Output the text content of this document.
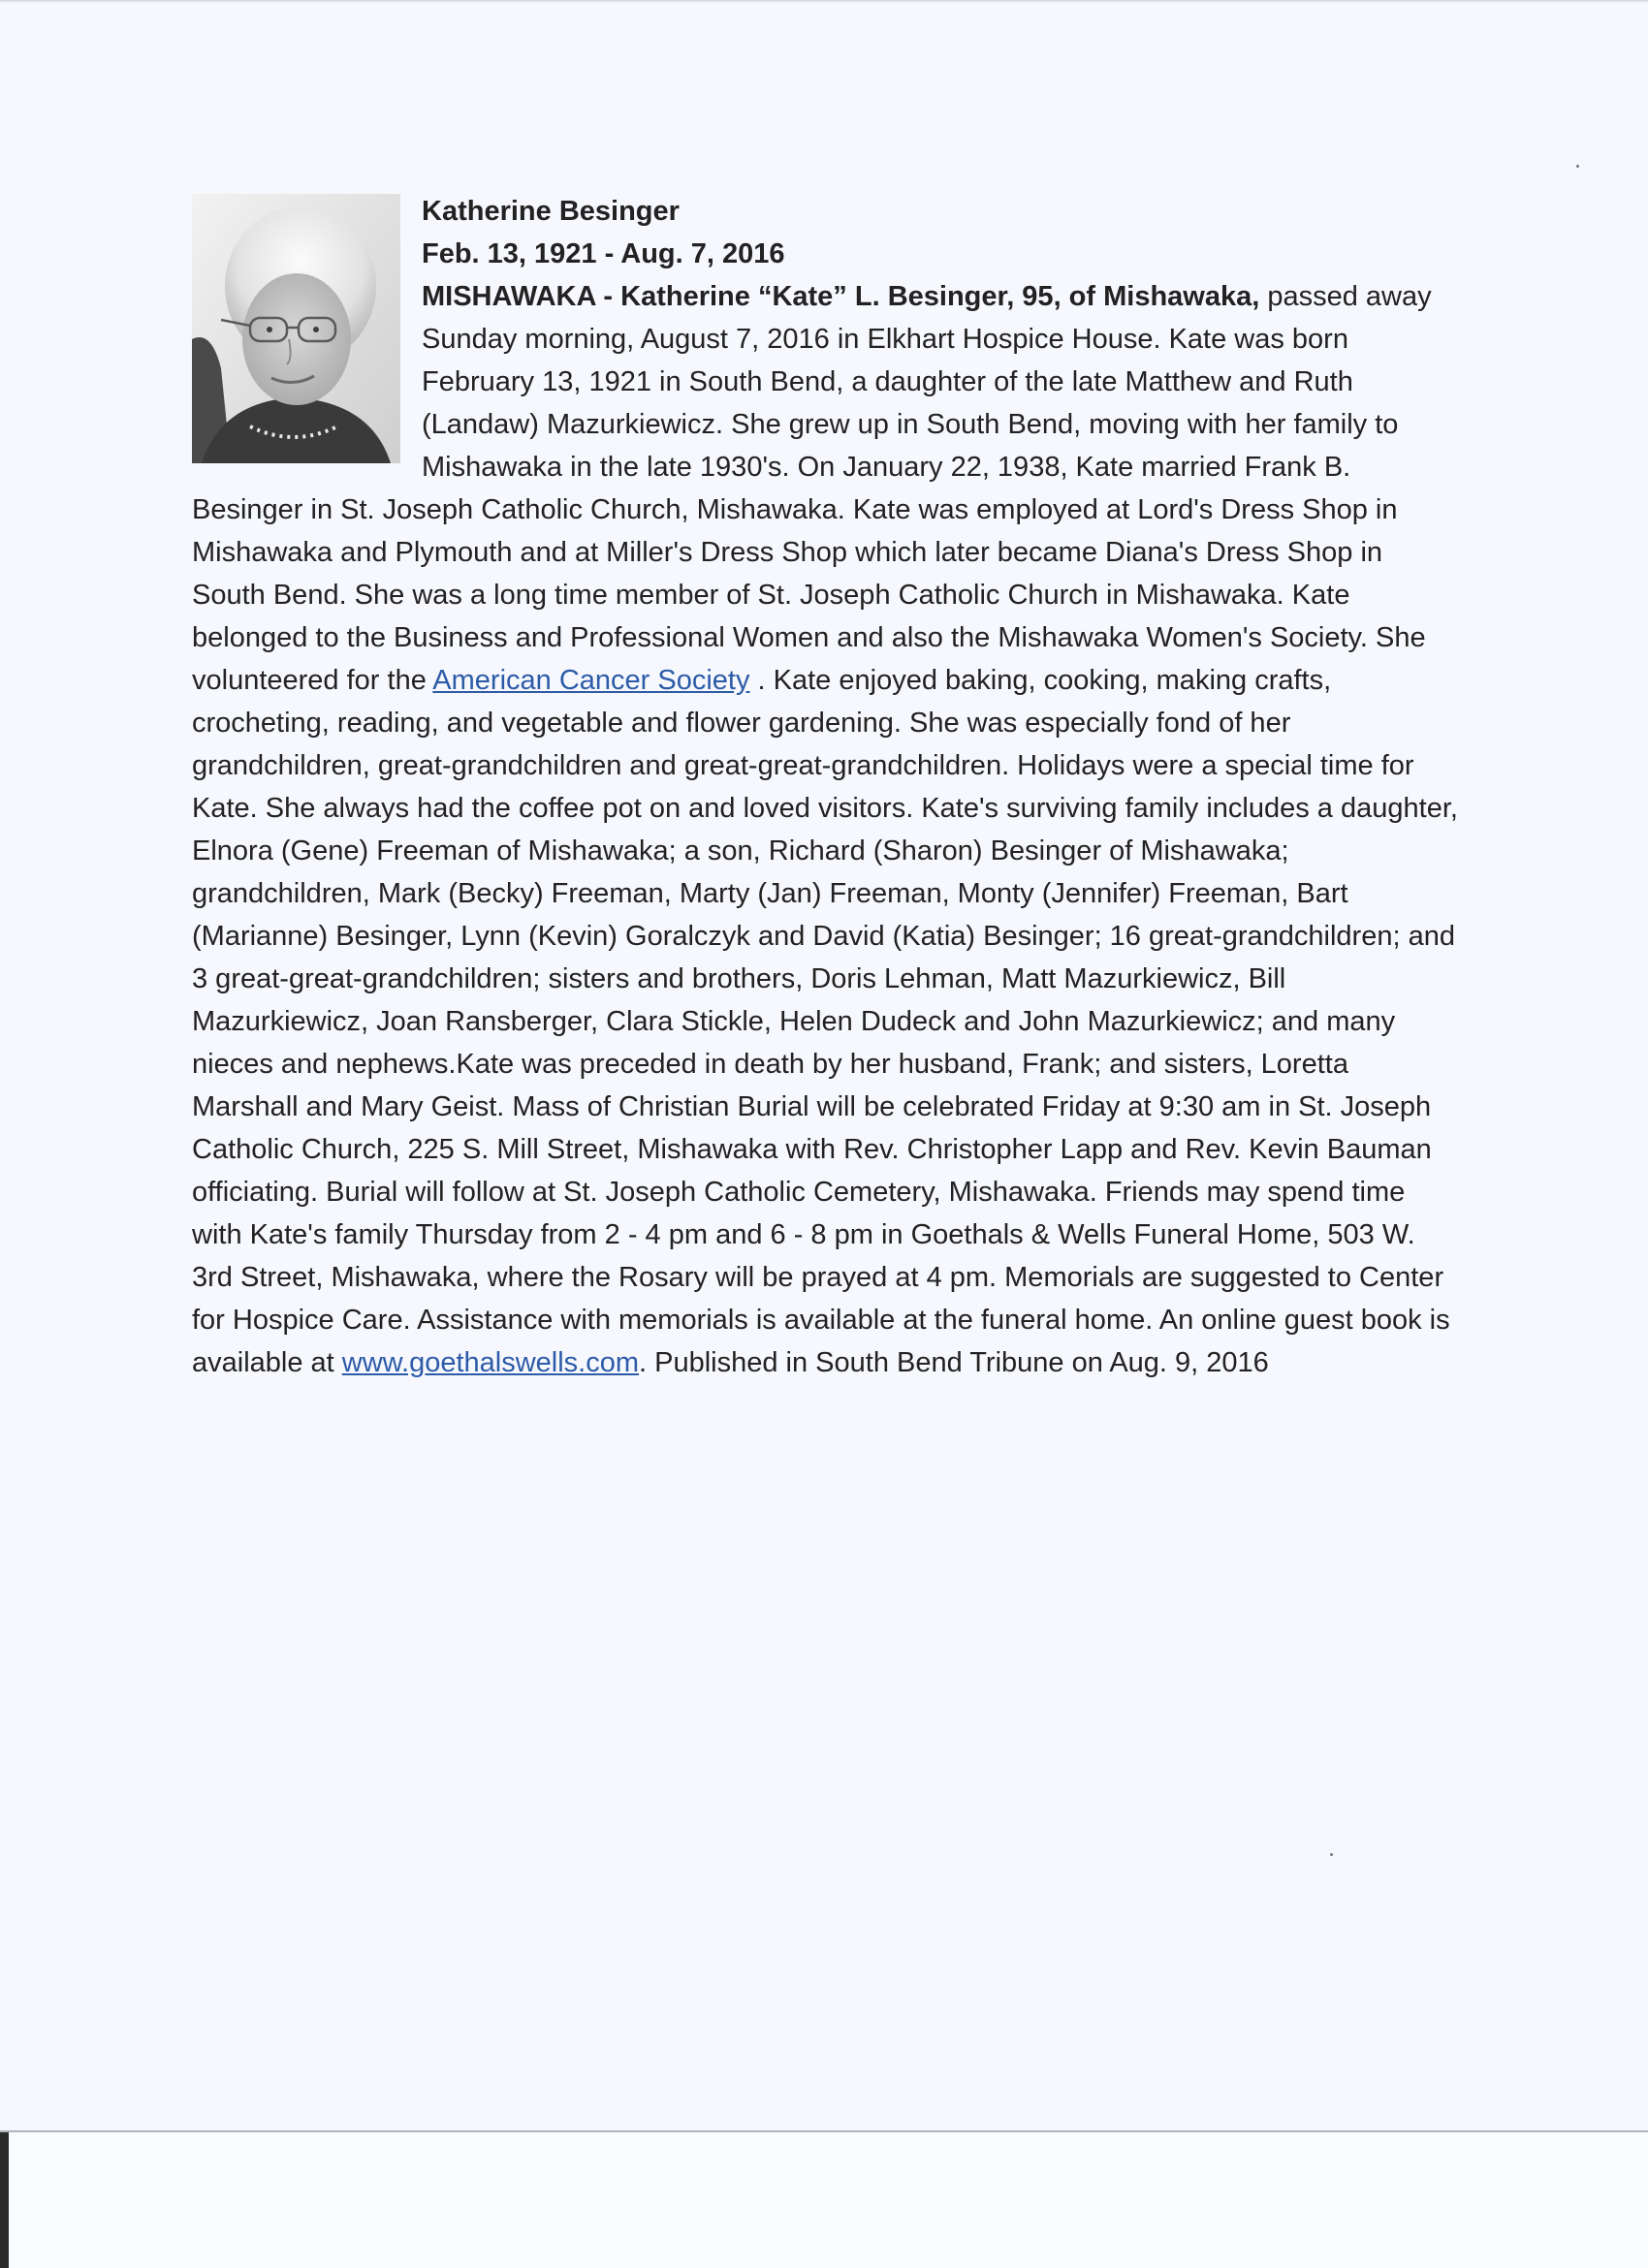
Katherine Besinger
Feb. 13, 1921 - Aug. 7, 2016
MISHAWAKA - Katherine “Kate” L. Besinger, 95, of Mishawaka, passed away Sunday morning, August 7, 2016 in Elkhart Hospice House. Kate was born February 13, 1921 in South Bend, a daughter of the late Matthew and Ruth (Landaw) Mazurkiewicz. She grew up in South Bend, moving with her family to Mishawaka in the late 1930's. On January 22, 1938, Kate married Frank B. Besinger in St. Joseph Catholic Church, Mishawaka. Kate was employed at Lord's Dress Shop in Mishawaka and Plymouth and at Miller's Dress Shop which later became Diana's Dress Shop in South Bend. She was a long time member of St. Joseph Catholic Church in Mishawaka. Kate belonged to the Business and Professional Women and also the Mishawaka Women's Society. She volunteered for the American Cancer Society . Kate enjoyed baking, cooking, making crafts, crocheting, reading, and vegetable and flower gardening. She was especially fond of her grandchildren, great-grandchildren and great-great-grandchildren. Holidays were a special time for Kate. She always had the coffee pot on and loved visitors. Kate's surviving family includes a daughter, Elnora (Gene) Freeman of Mishawaka; a son, Richard (Sharon) Besinger of Mishawaka; grandchildren, Mark (Becky) Freeman, Marty (Jan) Freeman, Monty (Jennifer) Freeman, Bart (Marianne) Besinger, Lynn (Kevin) Goralczyk and David (Katia) Besinger; 16 great-grandchildren; and 3 great-great-grandchildren; sisters and brothers, Doris Lehman, Matt Mazurkiewicz, Bill Mazurkiewicz, Joan Ransberger, Clara Stickle, Helen Dudeck and John Mazurkiewicz; and many nieces and nephews.Kate was preceded in death by her husband, Frank; and sisters, Loretta Marshall and Mary Geist. Mass of Christian Burial will be celebrated Friday at 9:30 am in St. Joseph Catholic Church, 225 S. Mill Street, Mishawaka with Rev. Christopher Lapp and Rev. Kevin Bauman officiating. Burial will follow at St. Joseph Catholic Cemetery, Mishawaka. Friends may spend time with Kate's family Thursday from 2 - 4 pm and 6 - 8 pm in Goethals & Wells Funeral Home, 503 W. 3rd Street, Mishawaka, where the Rosary will be prayed at 4 pm. Memorials are suggested to Center for Hospice Care. Assistance with memorials is available at the funeral home. An online guest book is available at www.goethalswells.com. Published in South Bend Tribune on Aug. 9, 2016
